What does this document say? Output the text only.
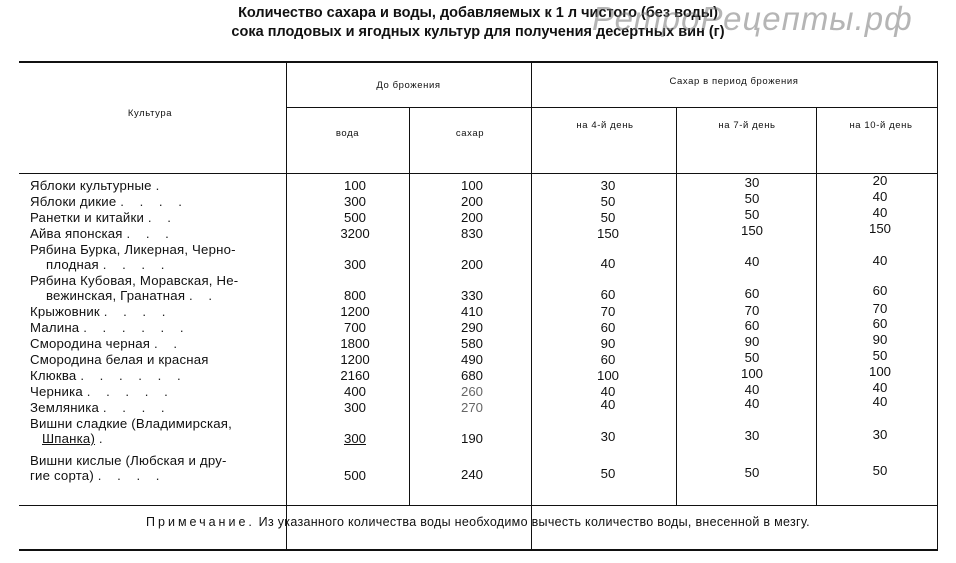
Количество сахара и воды, добавляемых к 1 л чистого (без воды)
сока плодовых и ягодных культур для получения десертных вин (г)
РетроРецепты.рф
Культура
До брожения
вода	сахар
Сахар в период брожения
на 4-й день	на 7-й день	на 10-й день
Яблоки культурные .	100	100	30	30	20
Яблоки дикие . . . .	300	200	50	50	40
Ранетки и китайки . .	500	200	50	50	40
Айва японская . . .	3200	830	150	150	150
Рябина Бурка, Ликерная, Черно-
плодная . . . .	300	200	40	40	40
Рябина Кубовая, Моравская, Не-
вежинская, Гранатная . .	800	330	60	60	60
Крыжовник . . . .	1200	410	70	70	70
Малина . . . . . .	700	290	60	60	60
Смородина черная . .	1800	580	90	90	90
Смородина белая и красная	1200	490	60	50	50
Клюква . . . . . .	2160	680	100	100	100
Черника . . . . .	400	260	40	40	40
Земляника . . . .	300	270	40	40	40
Вишни сладкие (Владимирская,
Шпанка) .	300	190	30	30	30
Вишни кислые (Любская и дру-
гие сорта) . . . .	500	240	50	50	50
Примечание. Из указанного количества воды необходимо вычесть количество воды, внесенной в мезгу.
